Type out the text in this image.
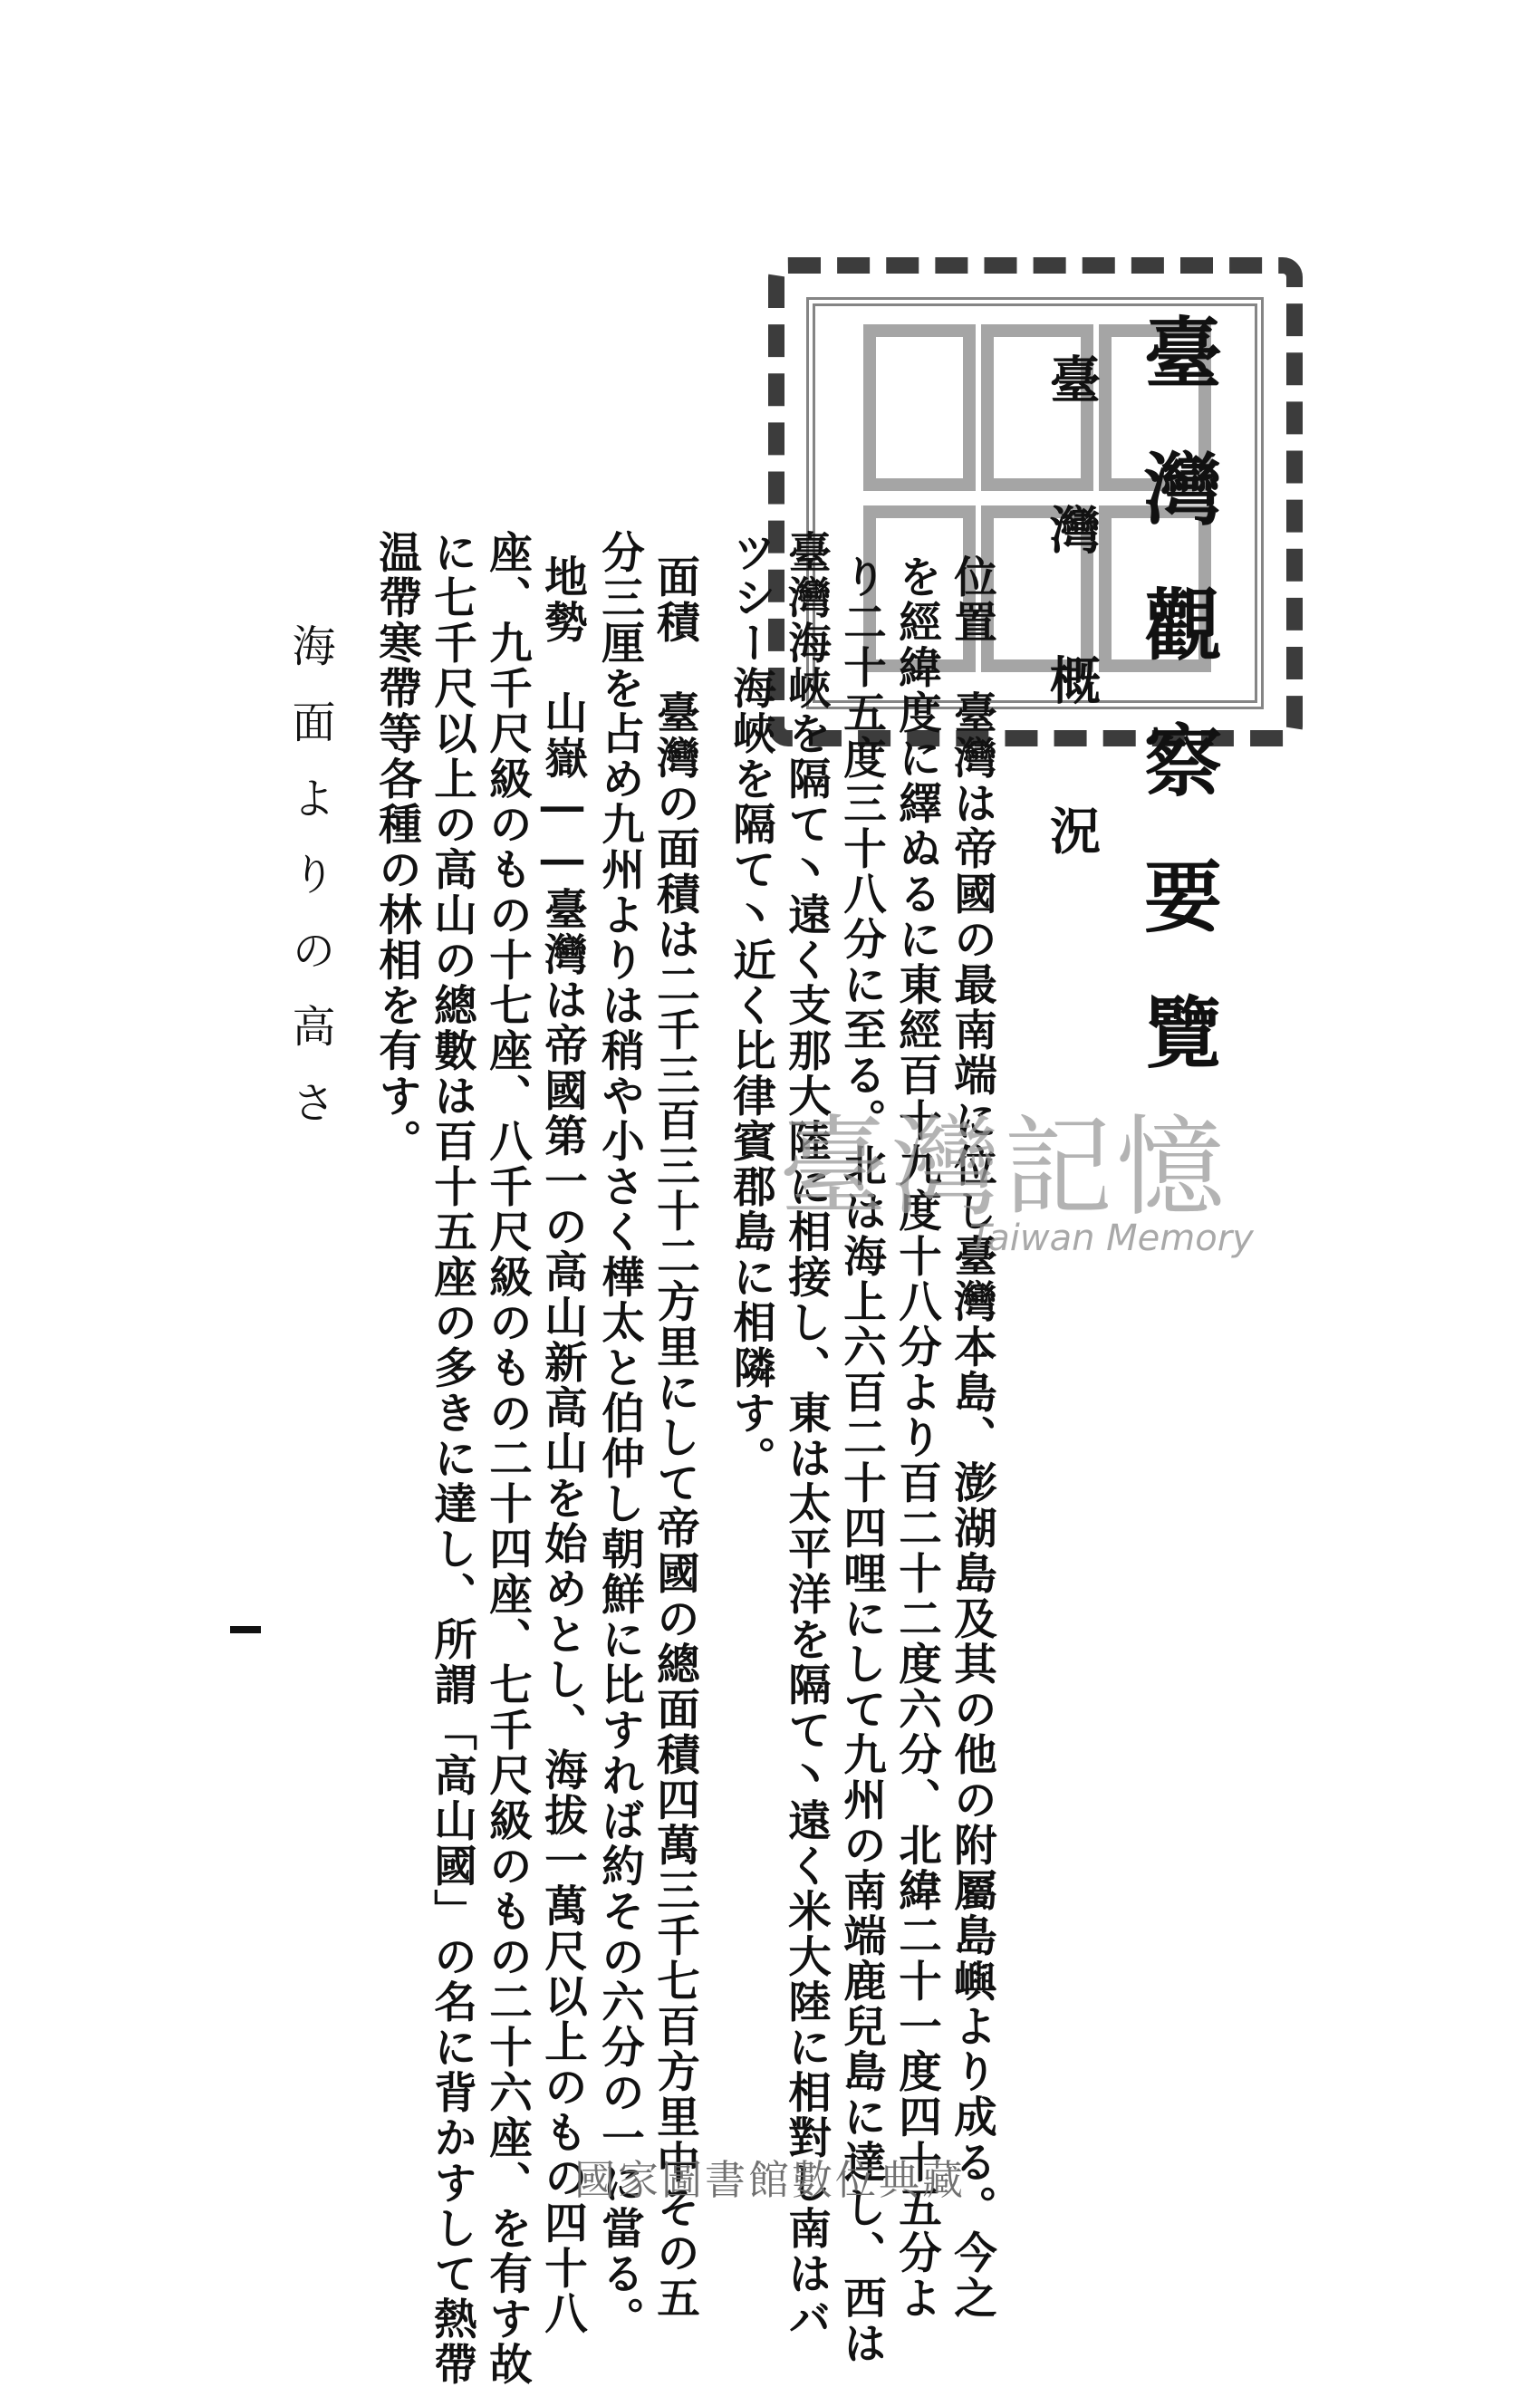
臺灣觀察要覽
臺灣概況
位置　臺灣は帝國の最南端に位し臺灣本島、澎湖島及其の他の附屬島嶼より成る。今之
を經緯度に繹ぬるに東經百十九度十八分より百二十二度六分、北緯二十一度四十五分よ
り二十五度三十八分に至る。北は海上六百二十四哩にして九州の南端鹿兒島に達し、西は
臺灣海峽を隔て丶遠く支那大陸に相接し、東は太平洋を隔て丶遠く米大陸に相對し南はバ
ツシー海峽を隔て丶近く比律賓郡島に相隣す。
面積　臺灣の面積は二千三百三十二方里にして帝國の總面積四萬三千七百方里中その五
分三厘を占め九州よりは稍や小さく樺太と伯仲し朝鮮に比すれば約その六分の一に當る。
地勢　山嶽――臺灣は帝國第一の高山新高山を始めとし、海拔一萬尺以上のもの四十八
座、九千尺級のもの十七座、八千尺級のもの二十四座、七千尺級のもの二十六座、を有す故
に七千尺以上の高山の總數は百十五座の多きに達し、所謂「高山國」の名に背かすして熱帶
温帶寒帶等各種の林相を有す。
海面よりの高さ
臺灣記憶
Taiwan Memory
國家圖書館數位典藏
